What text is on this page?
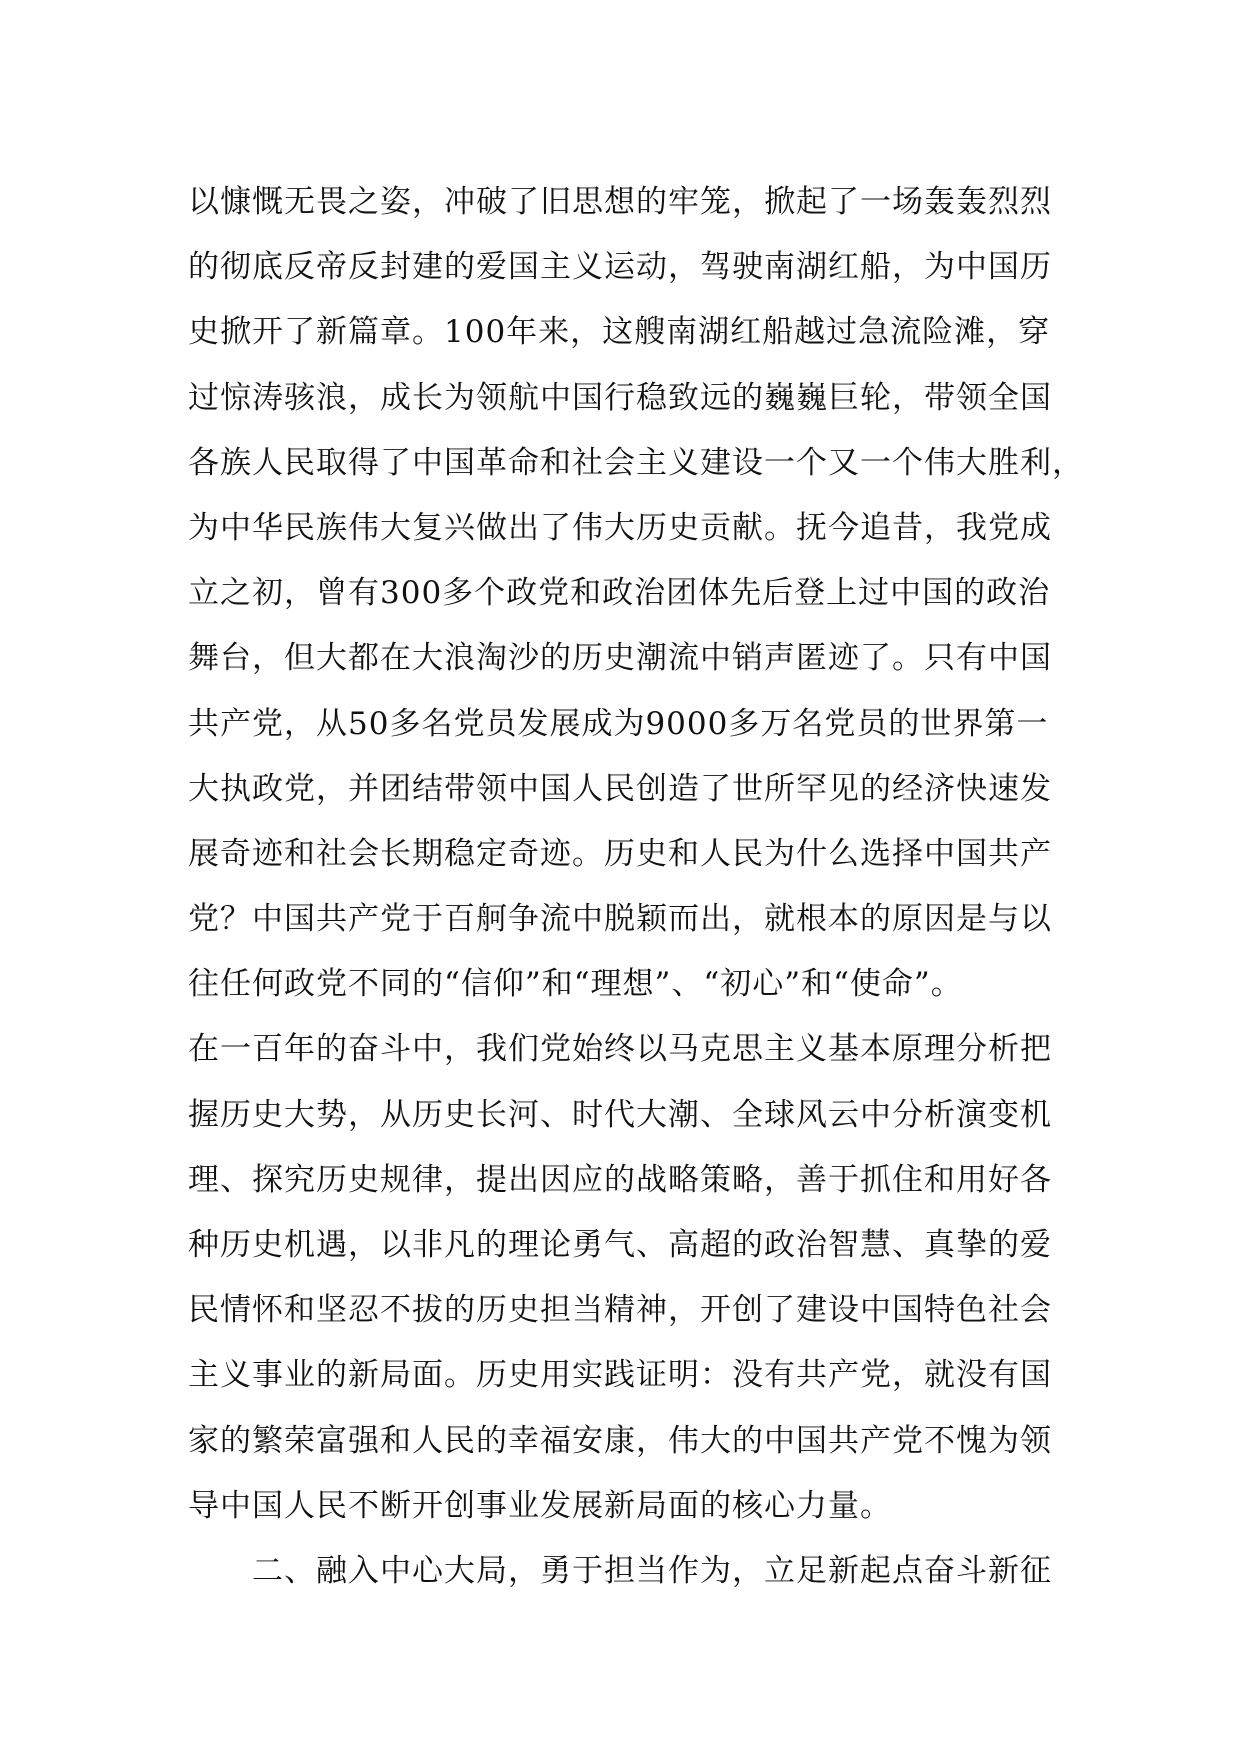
以慷慨无畏之姿，冲破了旧思想的牢笼，掀起了一场轰轰烈烈
的彻底反帝反封建的爱国主义运动，驾驶南湖红船，为中国历
史掀开了新篇章。100年来，这艘南湖红船越过急流险滩，穿
过惊涛骇浪，成长为领航中国行稳致远的巍巍巨轮，带领全国
各族人民取得了中国革命和社会主义建设一个又一个伟大胜利，
为中华民族伟大复兴做出了伟大历史贡献。抚今追昔，我党成
立之初，曾有300多个政党和政治团体先后登上过中国的政治
舞台，但大都在大浪淘沙的历史潮流中销声匿迹了。只有中国
共产党，从50多名党员发展成为9000多万名党员的世界第一
大执政党，并团结带领中国人民创造了世所罕见的经济快速发
展奇迹和社会长期稳定奇迹。历史和人民为什么选择中国共产
党？中国共产党于百舸争流中脱颖而出，就根本的原因是与以
往任何政党不同的“信仰”和“理想”、“初心”和“使命”。
在一百年的奋斗中，我们党始终以马克思主义基本原理分析把
握历史大势，从历史长河、时代大潮、全球风云中分析演变机
理、探究历史规律，提出因应的战略策略，善于抓住和用好各
种历史机遇，以非凡的理论勇气、高超的政治智慧、真挚的爱
民情怀和坚忍不拔的历史担当精神，开创了建设中国特色社会
主义事业的新局面。历史用实践证明：没有共产党，就没有国
家的繁荣富强和人民的幸福安康，伟大的中国共产党不愧为领
导中国人民不断开创事业发展新局面的核心力量。
二、融入中心大局，勇于担当作为，立足新起点奋斗新征
